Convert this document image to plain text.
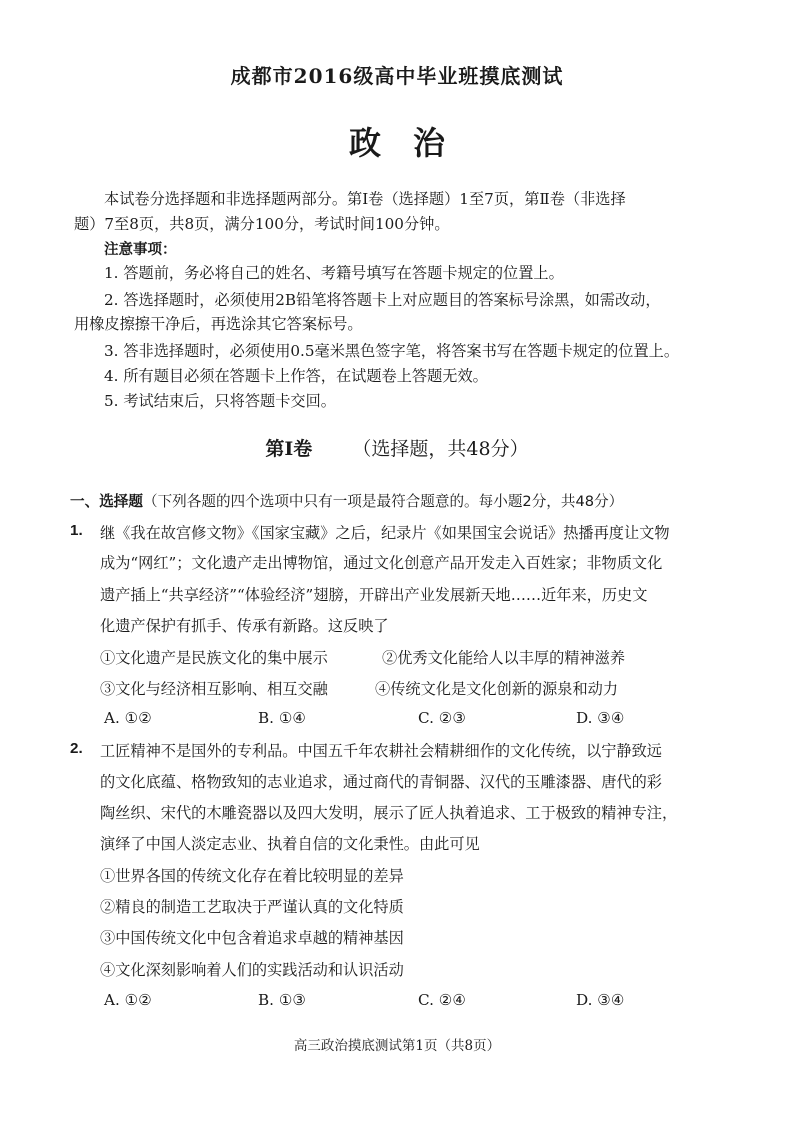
成都市2016级高中毕业班摸底测试
政　治
本试卷分选择题和非选择题两部分。第Ⅰ卷（选择题）1至7页，第Ⅱ卷（非选择
题）7至8页，共8页，满分100分，考试时间100分钟。
注意事项：
1. 答题前，务必将自己的姓名、考籍号填写在答题卡规定的位置上。
2. 答选择题时，必须使用2B铅笔将答题卡上对应题目的答案标号涂黑，如需改动，
用橡皮擦擦干净后，再选涂其它答案标号。
3. 答非选择题时，必须使用0.5毫米黑色签字笔，将答案书写在答题卡规定的位置上。
4. 所有题目必须在答题卡上作答，在试题卷上答题无效。
5. 考试结束后，只将答题卡交回。
第Ⅰ卷 （选择题，共48分）
一、选择题（下列各题的四个选项中只有一项是最符合题意的。每小题2分，共48分）
1. 继《我在故宫修文物》《国家宝藏》之后，纪录片《如果国宝会说话》热播再度让文物
成为“网红”；文化遗产走出博物馆，通过文化创意产品开发走入百姓家；非物质文化
遗产插上“共享经济”“体验经济”翅膀，开辟出产业发展新天地……近年来，历史文
化遗产保护有抓手、传承有新路。这反映了
①文化遗产是民族文化的集中展示	②优秀文化能给人以丰厚的精神滋养
③文化与经济相互影响、相互交融	④传统文化是文化创新的源泉和动力
A. ①②	B. ①④	C. ②③	D. ③④
2. 工匠精神不是国外的专利品。中国五千年农耕社会精耕细作的文化传统，以宁静致远
的文化底蕴、格物致知的志业追求，通过商代的青铜器、汉代的玉雕漆器、唐代的彩
陶丝织、宋代的木雕瓷器以及四大发明，展示了匠人执着追求、工于极致的精神专注，
演绎了中国人淡定志业、执着自信的文化秉性。由此可见
①世界各国的传统文化存在着比较明显的差异
②精良的制造工艺取决于严谨认真的文化特质
③中国传统文化中包含着追求卓越的精神基因
④文化深刻影响着人们的实践活动和认识活动
A. ①②	B. ①③	C. ②④	D. ③④
高三政治摸底测试第1页（共8页）
